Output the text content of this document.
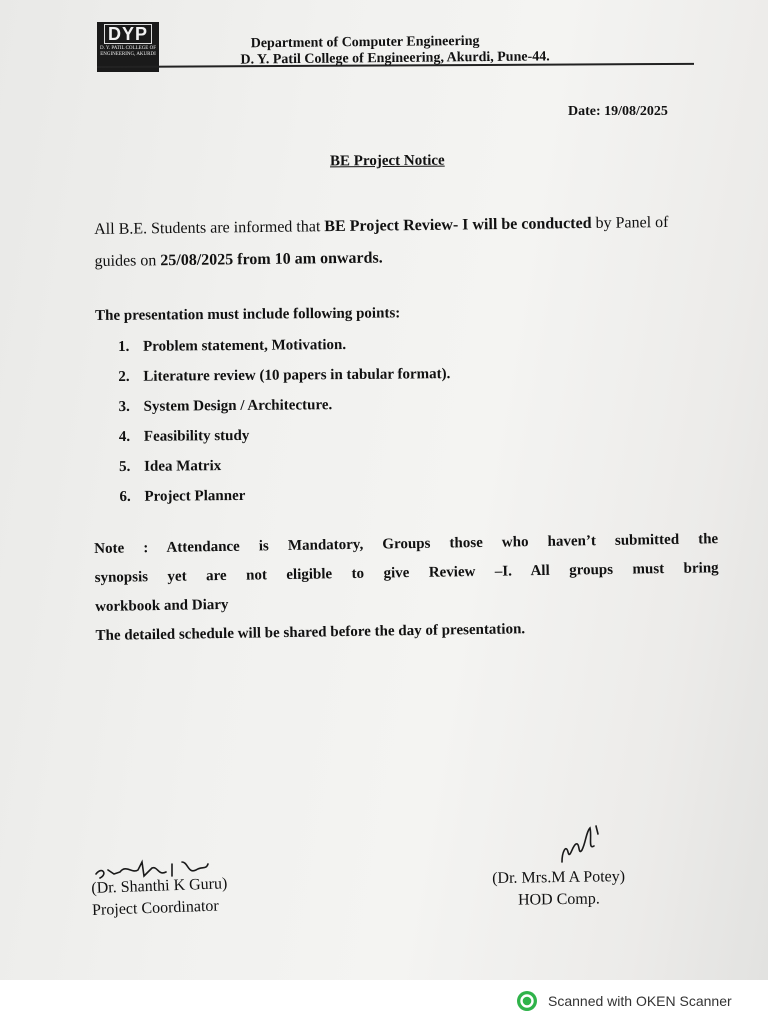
DYP
D. Y. PATIL COLLEGE OF ENGINEERING, AKURDI
Department of Computer Engineering
D. Y. Patil College of Engineering, Akurdi, Pune-44.
Date: 19/08/2025
BE Project Notice
All B.E. Students are informed that BE Project Review- I will be conducted by Panel of guides on 25/08/2025 from 10 am onwards.
The presentation must include following points:
1. Problem statement, Motivation.
2. Literature review (10 papers in tabular format).
3. System Design / Architecture.
4. Feasibility study
5. Idea Matrix
6. Project Planner
Note : Attendance is Mandatory, Groups those who haven’t submitted the
synopsis yet are not eligible to give Review –I. All groups must bring
workbook and Diary
The detailed schedule will be shared before the day of presentation.
(Dr. Shanthi K Guru)
Project Coordinator
(Dr. Mrs.M A Potey)
HOD Comp.
Scanned with OKEN Scanner
